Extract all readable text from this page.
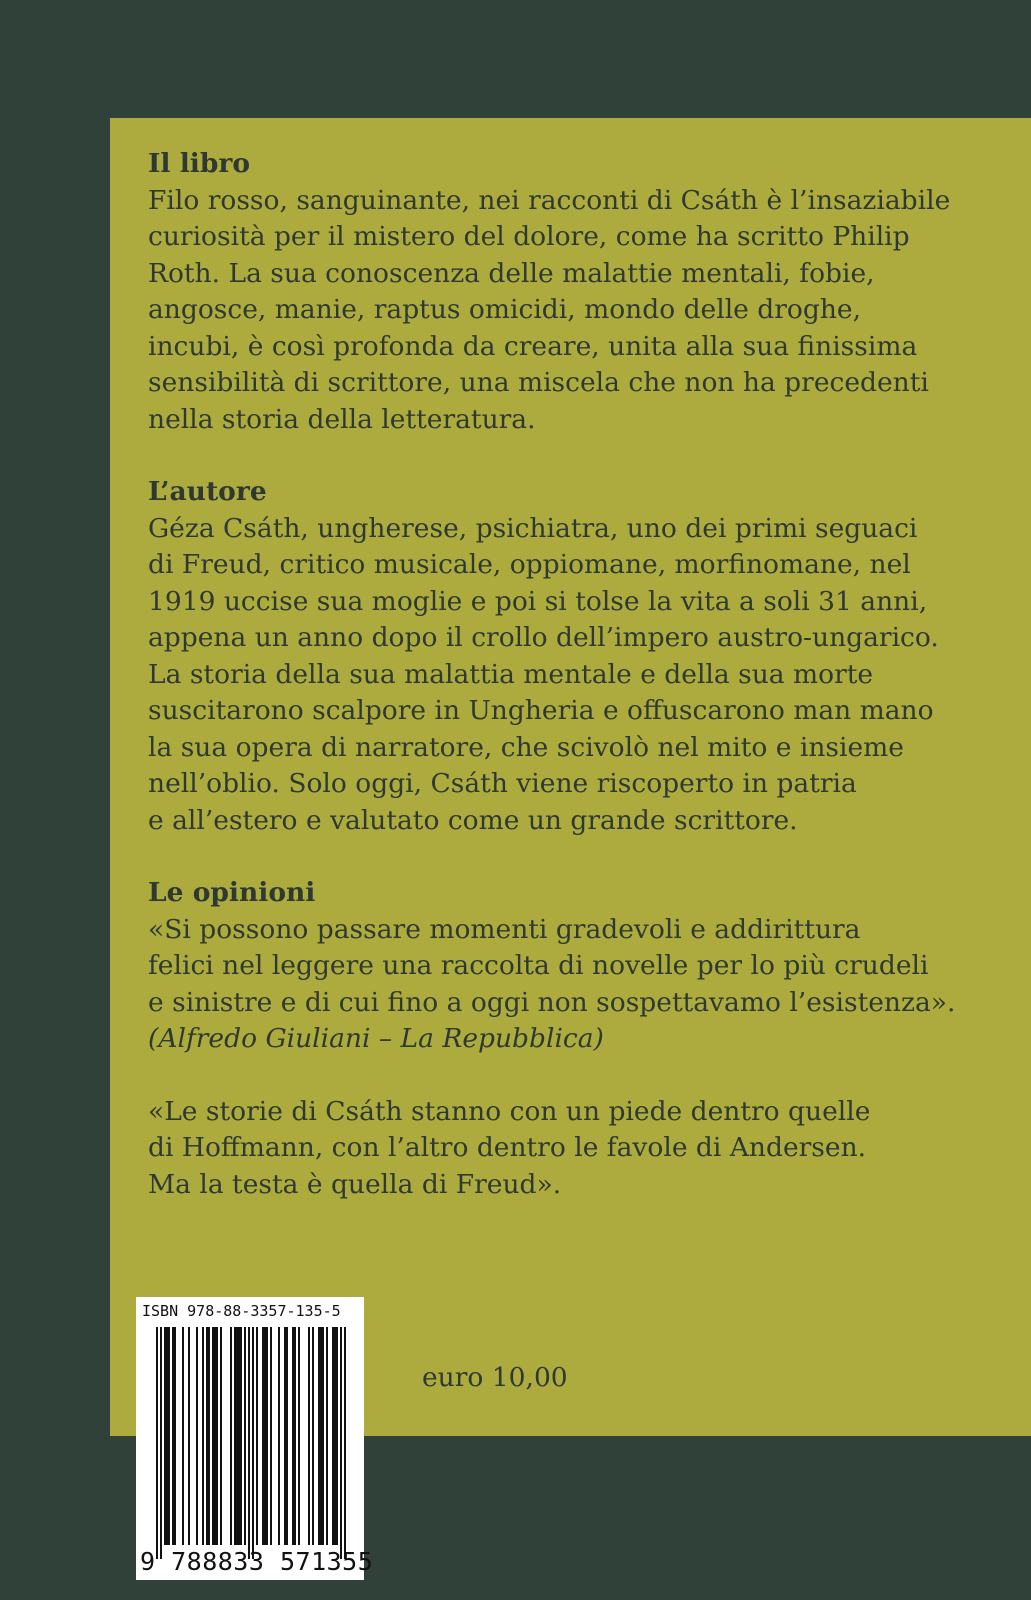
Il libro

Filo rosso, sanguinante, nei racconti di Csáth è l’insaziabile
curiosità per il mistero del dolore, come ha scritto Philip
Roth. La sua conoscenza delle malattie mentali, fobie,
angosce, manie, raptus omicidi, mondo delle droghe,
incubi, è così profonda da creare, unita alla sua finissima
sensibilità di scrittore, una miscela che non ha precedenti
nella storia della letteratura.

L’autore

Géza Csáth, ungherese, psichiatra, uno dei primi seguaci
di Freud, critico musicale, oppiomane, morfinomane, nel
1919 uccise sua moglie e poi si tolse la vita a soli 31 anni,
appena un anno dopo il crollo dell’impero austro-ungarico.
La storia della sua malattia mentale e della sua morte
suscitarono scalpore in Ungheria e offuscarono man mano
la sua opera di narratore, che scivolò nel mito e insieme
nell’oblio. Solo oggi, Csáth viene riscoperto in patria
e all’estero e valutato come un grande scrittore.

Le opinioni

«Si possono passare momenti gradevoli e addirittura
felici nel leggere una raccolta di novelle per lo più crudeli
e sinistre e di cui fino a oggi non sospettavamo l’esistenza».
(Alfredo Giuliani – La Repubblica)

«Le storie di Csáth stanno con un piede dentro quelle
di Hoffmann, con l’altro dentro le favole di Andersen.
Ma la testa è quella di Freud».

euro 10,00
ISBN 978-88-3357-135-5
9 788833 571355
